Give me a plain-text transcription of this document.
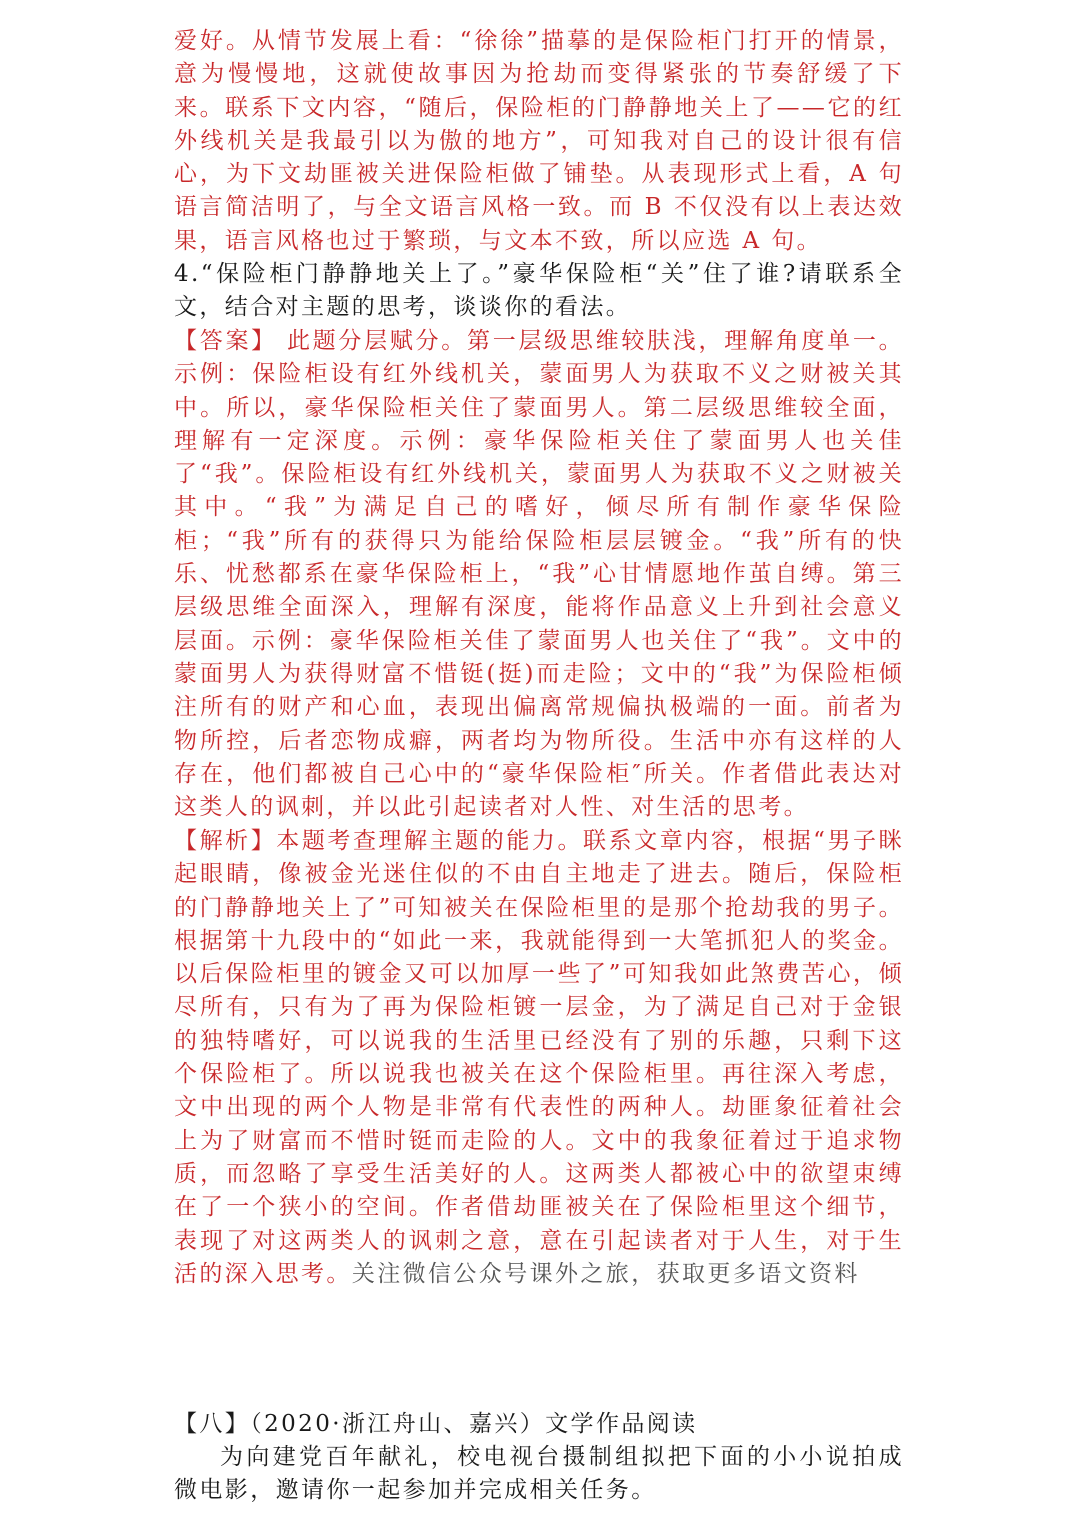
爱好。从情节发展上看：“徐徐”描摹的是保险柜门打开的情景，意为慢慢地，这就使故事因为抢劫而变得紧张的节奏舒缓了下来。联系下文内容，“随后，保险柜的门静静地关上了——它的红外线机关是我最引以为傲的地方”，可知我对自己的设计很有信心，为下文劫匪被关进保险柜做了铺垫。从表现形式上看，A 句语言简洁明了，与全文语言风格一致。而 B 不仅没有以上表达效果，语言风格也过于繁琐，与文本不致，所以应选 A 句。

4.“保险柜门静静地关上了。”豪华保险柜“关”住了谁?请联系全文，结合对主题的思考，谈谈你的看法。

【答案】 此题分层赋分。第一层级思维较肤浅，理解角度单一。示例：保险柜设有红外线机关，蒙面男人为获取不义之财被关其中。所以，豪华保险柜关住了蒙面男人。第二层级思维较全面，理解有一定深度。示例：豪华保险柜关住了蒙面男人也关佳了“我”。保险柜设有红外线机关，蒙面男人为获取不义之财被关其中。“我”为满足自己的嗜好，倾尽所有制作豪华保险柜；“我”所有的获得只为能给保险柜层层镀金。“我”所有的快乐、忧愁都系在豪华保险柜上，“我”心甘情愿地作茧自缚。第三层级思维全面深入，理解有深度，能将作品意义上升到社会意义层面。示例：豪华保险柜关佳了蒙面男人也关住了“我”。文中的蒙面男人为获得财富不惜铤(挺)而走险；文中的“我”为保险柜倾注所有的财产和心血，表现出偏离常规偏执极端的一面。前者为物所控，后者恋物成癖，两者均为物所役。生活中亦有这样的人存在，他们都被自己心中的“豪华保险柜″所关。作者借此表达对这类人的讽刺，并以此引起读者对人性、对生活的思考。

【解析】本题考查理解主题的能力。联系文章内容，根据“男子眯起眼睛，像被金光迷住似的不由自主地走了进去。随后，保险柜的门静静地关上了”可知被关在保险柜里的是那个抢劫我的男子。根据第十九段中的“如此一来，我就能得到一大笔抓犯人的奖金。以后保险柜里的镀金又可以加厚一些了”可知我如此煞费苦心，倾尽所有，只有为了再为保险柜镀一层金，为了满足自己对于金银的独特嗜好，可以说我的生活里已经没有了别的乐趣，只剩下这个保险柜了。所以说我也被关在这个保险柜里。再往深入考虑，文中出现的两个人物是非常有代表性的两种人。劫匪象征着社会上为了财富而不惜时铤而走险的人。文中的我象征着过于追求物质，而忽略了享受生活美好的人。这两类人都被心中的欲望束缚在了一个狭小的空间。作者借劫匪被关在了保险柜里这个细节，表现了对这两类人的讽刺之意，意在引起读者对于人生，对于生活的深入思考。关注微信公众号课外之旅，获取更多语文资料

【八】（2020·浙江舟山、嘉兴）文学作品阅读

为向建党百年献礼，校电视台摄制组拟把下面的小小说拍成微电影，邀请你一起参加并完成相关任务。
